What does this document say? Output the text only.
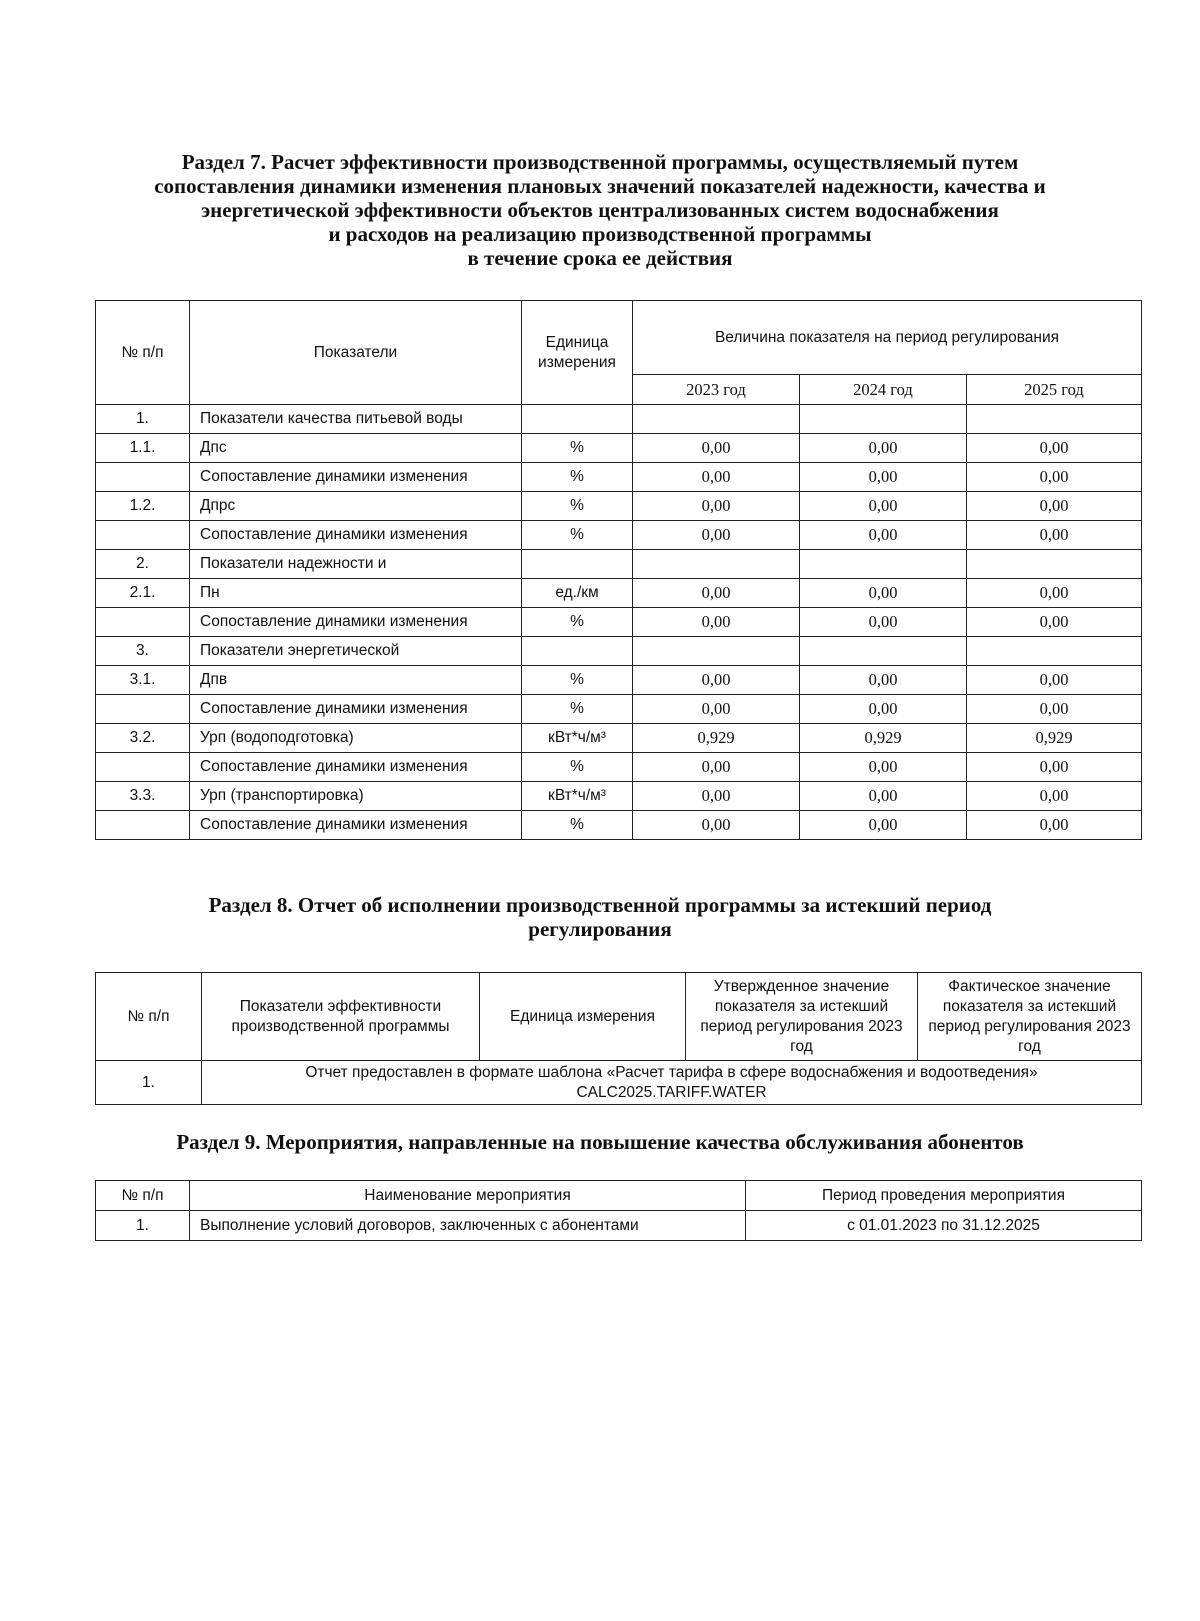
Раздел 7. Расчет эффективности производственной программы, осуществляемый путем
сопоставления динамики изменения плановых значений показателей надежности, качества и
энергетической эффективности объектов централизованных систем водоснабжения
и расходов на реализацию производственной программы
в течение срока ее действия
№ п/п	Показатели	Единица измерения	Величина показателя на период регулирования		
			2023 год	2024 год	2025 год
1.	Показатели качества питьевой воды				
1.1.	Дпс	%	0,00	0,00	0,00
	Сопоставление динамики изменения	%	0,00	0,00	0,00
1.2.	Дпрс	%	0,00	0,00	0,00
	Сопоставление динамики изменения	%	0,00	0,00	0,00
2.	Показатели надежности и				
2.1.	Пн	ед./км	0,00	0,00	0,00
	Сопоставление динамики изменения	%	0,00	0,00	0,00
3.	Показатели энергетической				
3.1.	Дпв	%	0,00	0,00	0,00
	Сопоставление динамики изменения	%	0,00	0,00	0,00
3.2.	Урп (водоподготовка)	кВт*ч/м³	0,929	0,929	0,929
	Сопоставление динамики изменения	%	0,00	0,00	0,00
3.3.	Урп (транспортировка)	кВт*ч/м³	0,00	0,00	0,00
	Сопоставление динамики изменения	%	0,00	0,00	0,00
Раздел 8. Отчет об исполнении производственной программы за истекший период
регулирования
№ п/п	Показатели эффективности производственной программы	Единица измерения	Утвержденное значение показателя за истекший период регулирования 2023 год	Фактическое значение показателя за истекший период регулирования 2023 год
1.	Отчет предоставлен в формате шаблона «Расчет тарифа в сфере водоснабжения и водоотведения»
CALC2025.TARIFF.WATER			
Раздел 9. Мероприятия, направленные на повышение качества обслуживания абонентов
№ п/п	Наименование мероприятия	Период проведения мероприятия
1.	Выполнение условий договоров, заключенных с абонентами	с 01.01.2023 по 31.12.2025
